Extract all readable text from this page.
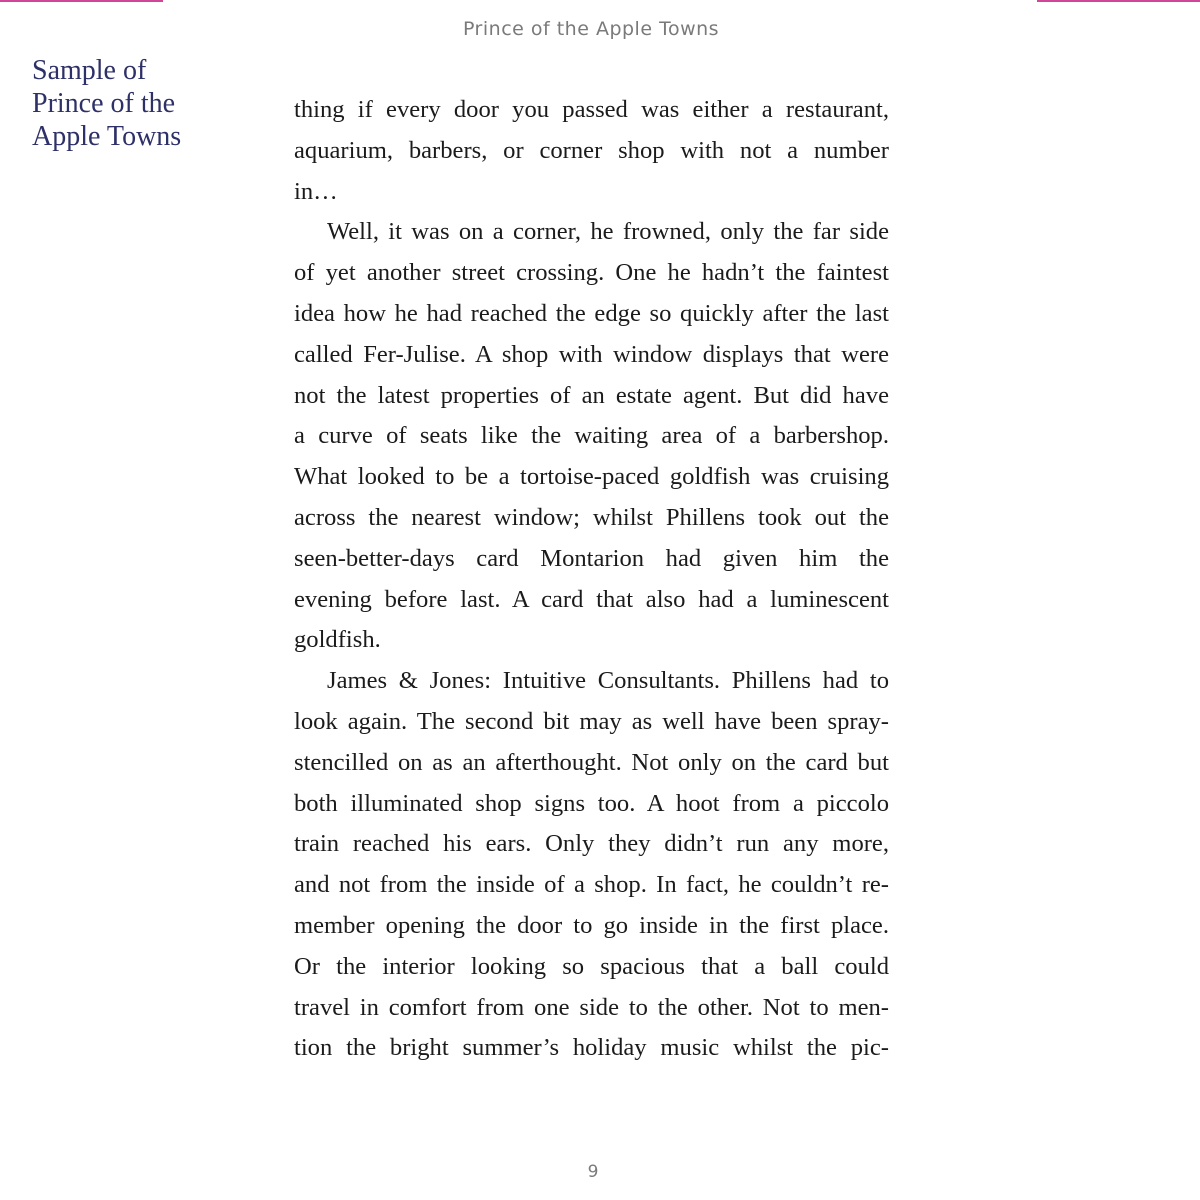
Prince of the Apple Towns
Sample of
Prince of the
Apple Towns
thing if every door you passed was either a restaurant,
aquarium, barbers, or corner shop with not a number
in…
Well, it was on a corner, he frowned, only the far side
of yet another street crossing. One he hadn’t the faintest
idea how he had reached the edge so quickly after the last
called Fer-Julise. A shop with window displays that were
not the latest properties of an estate agent. But did have
a curve of seats like the waiting area of a barbershop.
What looked to be a tortoise-paced goldfish was cruising
across the nearest window; whilst Phillens took out the
seen-better-days card Montarion had given him the
evening before last. A card that also had a luminescent
goldfish.
James & Jones: Intuitive Consultants. Phillens had to
look again. The second bit may as well have been spray-
stencilled on as an afterthought. Not only on the card but
both illuminated shop signs too. A hoot from a piccolo
train reached his ears. Only they didn’t run any more,
and not from the inside of a shop. In fact, he couldn’t re-
member opening the door to go inside in the first place.
Or the interior looking so spacious that a ball could
travel in comfort from one side to the other. Not to men-
tion the bright summer’s holiday music whilst the pic-
9
